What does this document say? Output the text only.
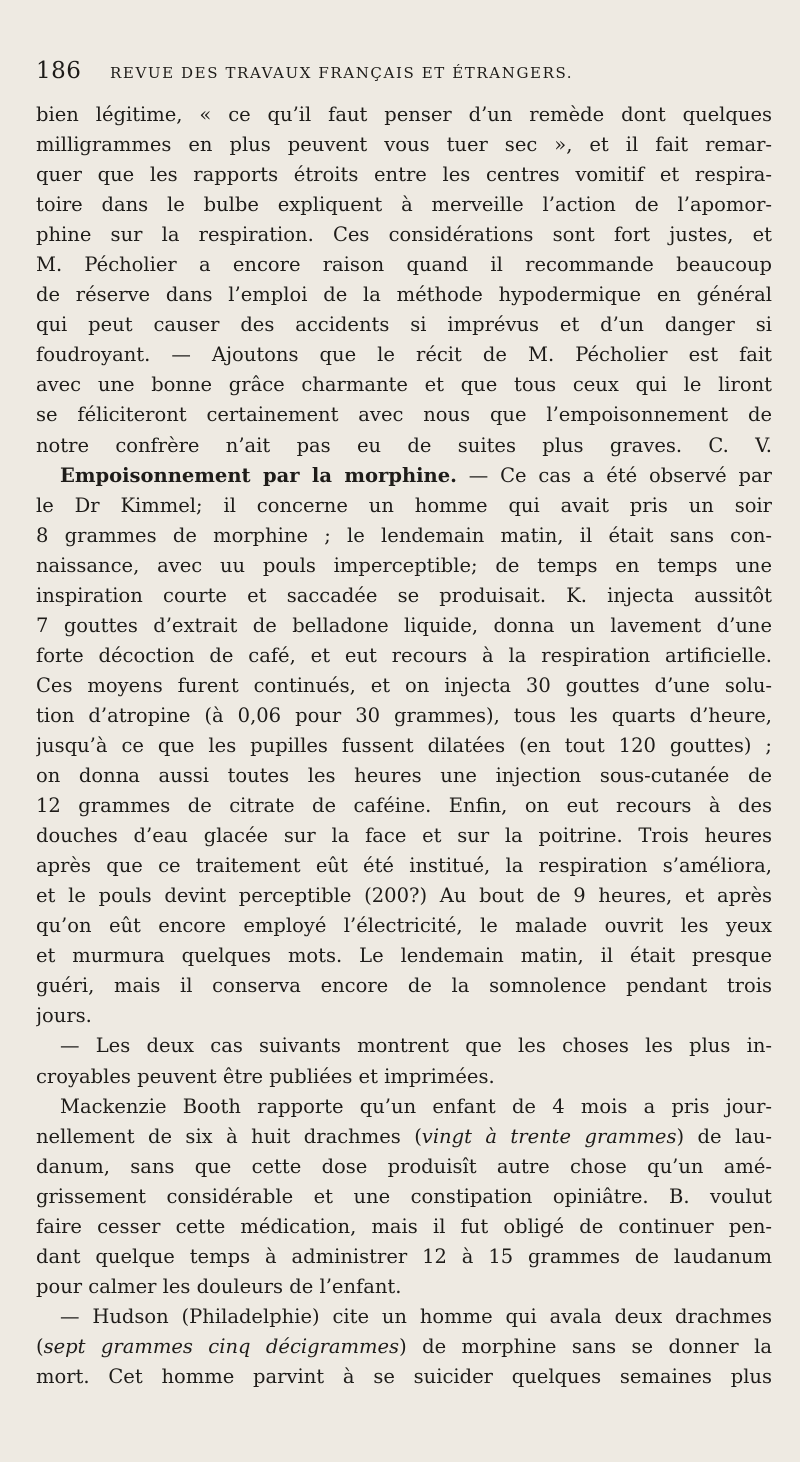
186	REVUE DES TRAVAUX FRANÇAIS ET ÉTRANGERS.
bien légitime, « ce qu’il faut penser d’un remède dont quelques
milligrammes en plus peuvent vous tuer sec », et il fait remar-
quer que les rapports étroits entre les centres vomitif et respira-
toire dans le bulbe expliquent à merveille l’action de l’apomor-
phine sur la respiration. Ces considérations sont fort justes, et
M. Pécholier a encore raison quand il recommande beaucoup
de réserve dans l’emploi de la méthode hypodermique en général
qui peut causer des accidents si imprévus et d’un danger si
foudroyant. — Ajoutons que le récit de M. Pécholier est fait
avec une bonne grâce charmante et que tous ceux qui le liront
se féliciteront certainement avec nous que l’empoisonnement de
notre confrère n’ait pas eu de suites plus graves. C. V.
Empoisonnement par la morphine. — Ce cas a été observé par
le Dr Kimmel; il concerne un homme qui avait pris un soir
8 grammes de morphine ; le lendemain matin, il était sans con-
naissance, avec uu pouls imperceptible; de temps en temps une
inspiration courte et saccadée se produisait. K. injecta aussitôt
7 gouttes d’extrait de belladone liquide, donna un lavement d’une
forte décoction de café, et eut recours à la respiration artificielle.
Ces moyens furent continués, et on injecta 30 gouttes d’une solu-
tion d’atropine (à 0,06 pour 30 grammes), tous les quarts d’heure,
jusqu’à ce que les pupilles fussent dilatées (en tout 120 gouttes) ;
on donna aussi toutes les heures une injection sous-cutanée de
12 grammes de citrate de caféine. Enfin, on eut recours à des
douches d’eau glacée sur la face et sur la poitrine. Trois heures
après que ce traitement eût été institué, la respiration s’améliora,
et le pouls devint perceptible (200?) Au bout de 9 heures, et après
qu’on eût encore employé l’électricité, le malade ouvrit les yeux
et murmura quelques mots. Le lendemain matin, il était presque
guéri, mais il conserva encore de la somnolence pendant trois
jours.
— Les deux cas suivants montrent que les choses les plus in-
croyables peuvent être publiées et imprimées.
Mackenzie Booth rapporte qu’un enfant de 4 mois a pris jour-
nellement de six à huit drachmes (vingt à trente grammes) de lau-
danum, sans que cette dose produisît autre chose qu’un amé-
grissement considérable et une constipation opiniâtre. B. voulut
faire cesser cette médication, mais il fut obligé de continuer pen-
dant quelque temps à administrer 12 à 15 grammes de laudanum
pour calmer les douleurs de l’enfant.
— Hudson (Philadelphie) cite un homme qui avala deux drachmes
(sept grammes cinq décigrammes) de morphine sans se donner la
mort. Cet homme parvint à se suicider quelques semaines plus
